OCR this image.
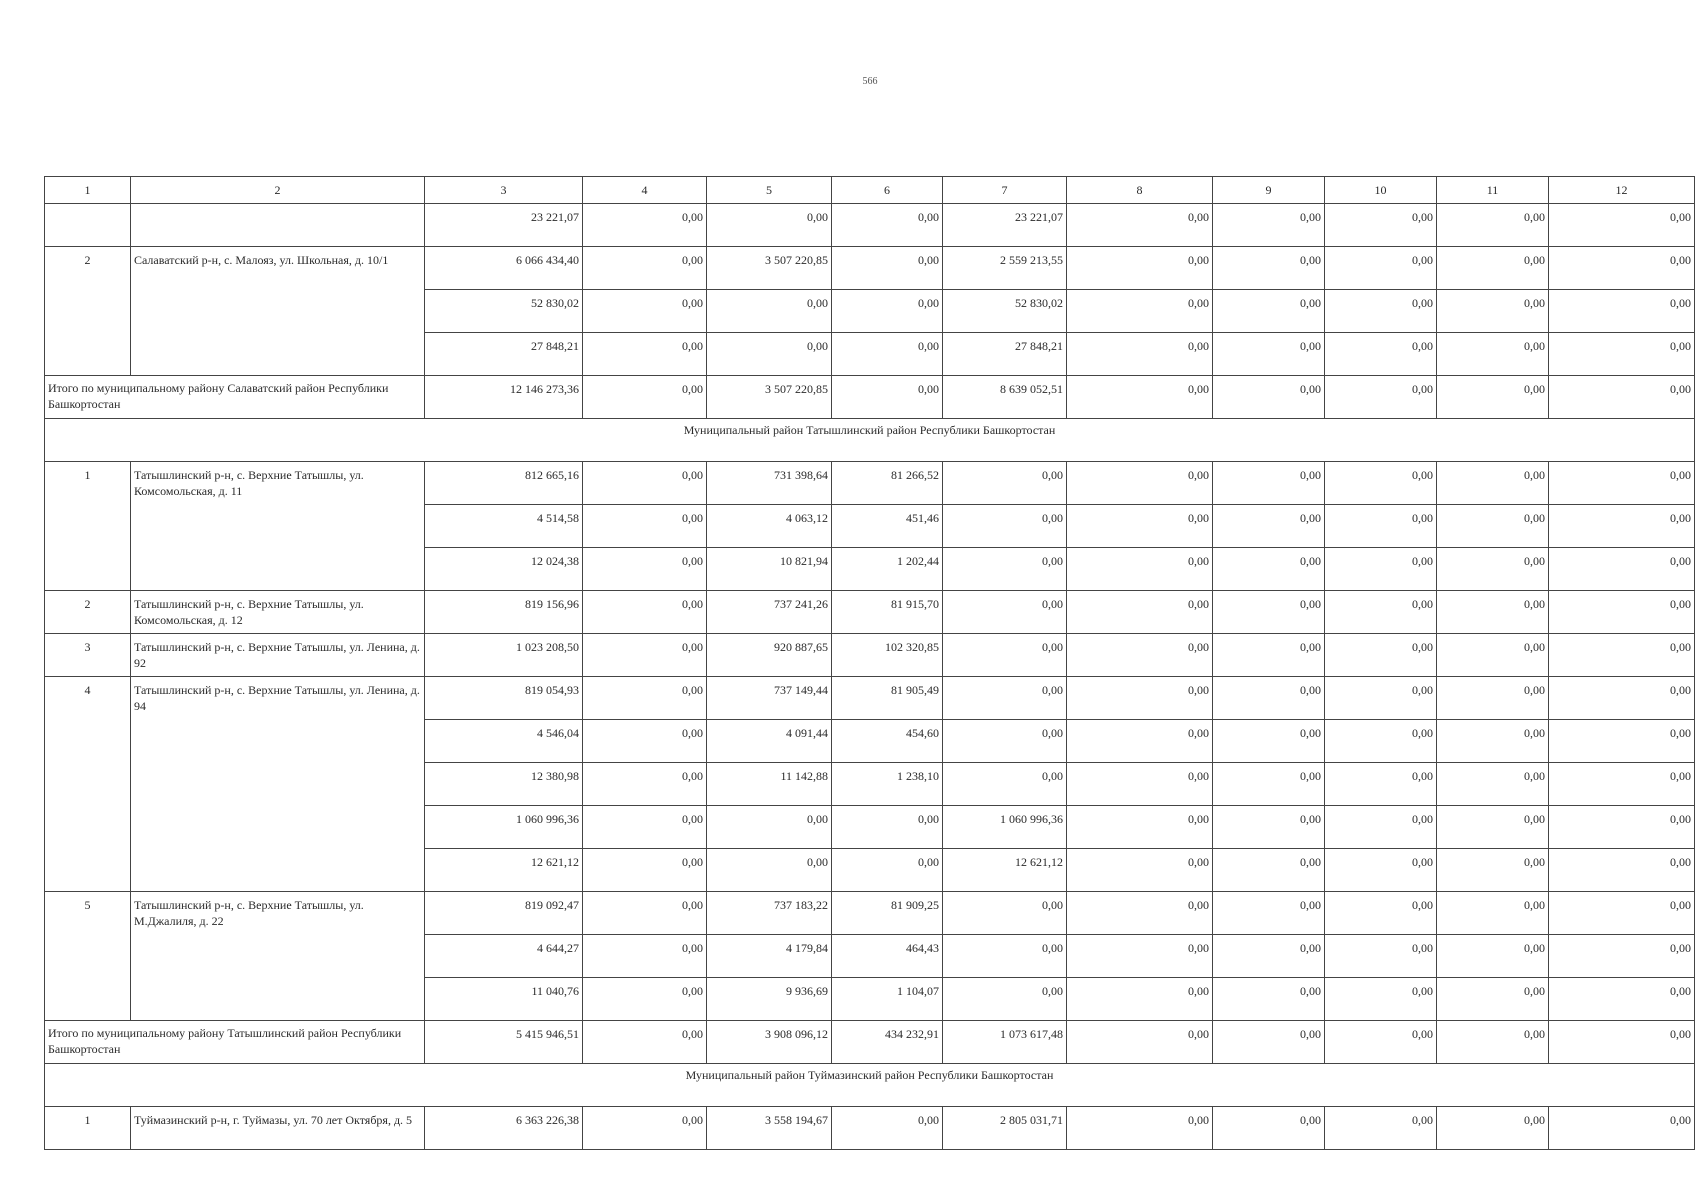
566
1	2	3	4	5	6	7	8	9	10	11	12
		23 221,07	0,00	0,00	0,00	23 221,07	0,00	0,00	0,00	0,00	0,00
2	Салаватский р-н, с. Малояз, ул. Школьная, д. 10/1	6 066 434,40	0,00	3 507 220,85	0,00	2 559 213,55	0,00	0,00	0,00	0,00	0,00
		52 830,02	0,00	0,00	0,00	52 830,02	0,00	0,00	0,00	0,00	0,00
		27 848,21	0,00	0,00	0,00	27 848,21	0,00	0,00	0,00	0,00	0,00
Итого по муниципальному району Салаватский район Республики Башкортостан		12 146 273,36	0,00	3 507 220,85	0,00	8 639 052,51	0,00	0,00	0,00	0,00	0,00
Муниципальный район Татышлинский район Республики Башкортостан											
1	Татышлинский р-н, с. Верхние Татышлы, ул. Комсомольская, д. 11	812 665,16	0,00	731 398,64	81 266,52	0,00	0,00	0,00	0,00	0,00	0,00
		4 514,58	0,00	4 063,12	451,46	0,00	0,00	0,00	0,00	0,00	0,00
		12 024,38	0,00	10 821,94	1 202,44	0,00	0,00	0,00	0,00	0,00	0,00
2	Татышлинский р-н, с. Верхние Татышлы, ул. Комсомольская, д. 12	819 156,96	0,00	737 241,26	81 915,70	0,00	0,00	0,00	0,00	0,00	0,00
3	Татышлинский р-н, с. Верхние Татышлы, ул. Ленина, д. 92	1 023 208,50	0,00	920 887,65	102 320,85	0,00	0,00	0,00	0,00	0,00	0,00
4	Татышлинский р-н, с. Верхние Татышлы, ул. Ленина, д. 94	819 054,93	0,00	737 149,44	81 905,49	0,00	0,00	0,00	0,00	0,00	0,00
		4 546,04	0,00	4 091,44	454,60	0,00	0,00	0,00	0,00	0,00	0,00
		12 380,98	0,00	11 142,88	1 238,10	0,00	0,00	0,00	0,00	0,00	0,00
		1 060 996,36	0,00	0,00	0,00	1 060 996,36	0,00	0,00	0,00	0,00	0,00
		12 621,12	0,00	0,00	0,00	12 621,12	0,00	0,00	0,00	0,00	0,00
5	Татышлинский р-н, с. Верхние Татышлы, ул. М.Джалиля, д. 22	819 092,47	0,00	737 183,22	81 909,25	0,00	0,00	0,00	0,00	0,00	0,00
		4 644,27	0,00	4 179,84	464,43	0,00	0,00	0,00	0,00	0,00	0,00
		11 040,76	0,00	9 936,69	1 104,07	0,00	0,00	0,00	0,00	0,00	0,00
Итого по муниципальному району Татышлинский район Республики Башкортостан		5 415 946,51	0,00	3 908 096,12	434 232,91	1 073 617,48	0,00	0,00	0,00	0,00	0,00
Муниципальный район Туймазинский район Республики Башкортостан											
1	Туймазинский р-н, г. Туймазы, ул. 70 лет Октября, д. 5	6 363 226,38	0,00	3 558 194,67	0,00	2 805 031,71	0,00	0,00	0,00	0,00	0,00
